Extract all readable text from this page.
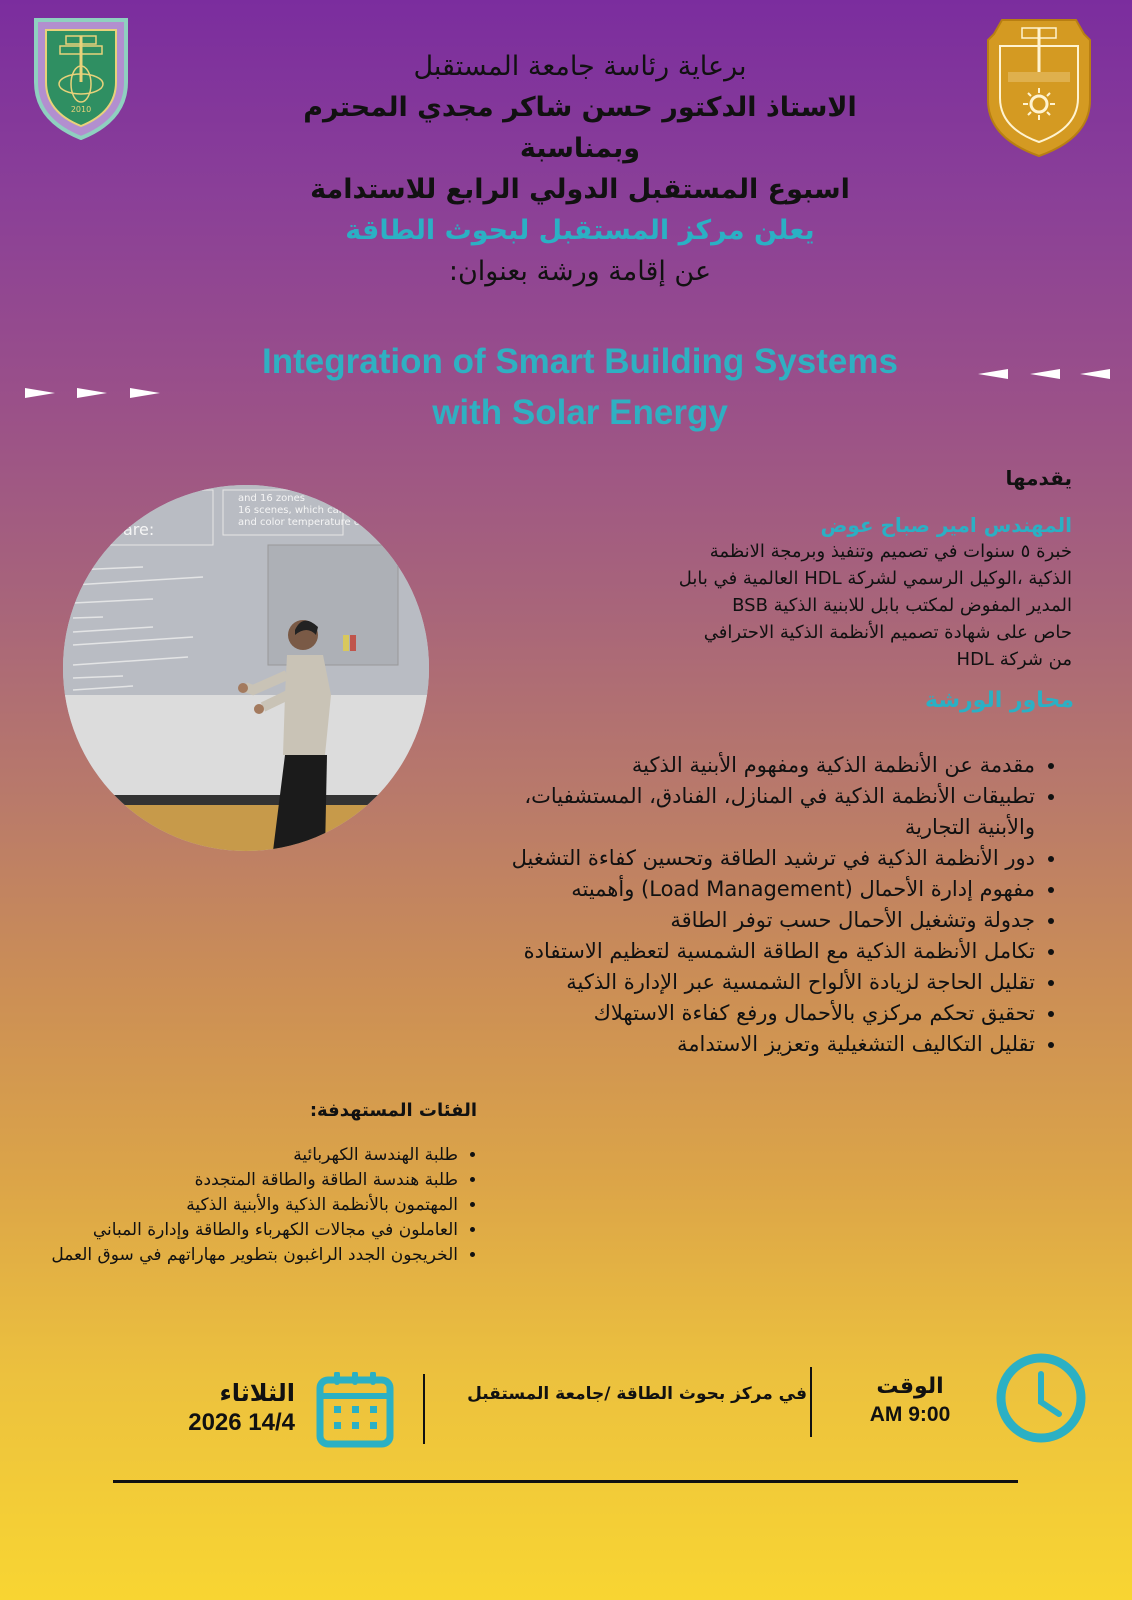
2010
برعاية رئاسة جامعة المستقبل
الاستاذ الدكتور حسن شاكر مجدي المحترم
وبمناسبة
اسبوع المستقبل الدولي الرابع للاستدامة
يعلن مركز المستقبل لبحوث الطاقة
عن إقامة ورشة بعنوان:
Integration of Smart Building Systems
with Solar Energy
and 16 zones
16 scenes, which can
and color temperature of
are:
يقدمها
المهندس امير صباح عوض
خبرة ٥ سنوات في تصميم وتنفيذ وبرمجة الانظمة
الذكية ،الوكيل الرسمي لشركة HDL العالمية في بابل
المدير المفوض لمكتب بابل للابنية الذكية BSB
حاص على شهادة تصميم الأنظمة الذكية الاحترافي
من شركة HDL
محاور الورشة
• مقدمة عن الأنظمة الذكية ومفهوم الأبنية الذكية
• تطبيقات الأنظمة الذكية في المنازل، الفنادق، المستشفيات، والأبنية التجارية
• دور الأنظمة الذكية في ترشيد الطاقة وتحسين كفاءة التشغيل
• مفهوم إدارة الأحمال (Load Management) وأهميته
• جدولة وتشغيل الأحمال حسب توفر الطاقة
• تكامل الأنظمة الذكية مع الطاقة الشمسية لتعظيم الاستفادة
• تقليل الحاجة لزيادة الألواح الشمسية عبر الإدارة الذكية
• تحقيق تحكم مركزي بالأحمال ورفع كفاءة الاستهلاك
• تقليل التكاليف التشغيلية وتعزيز الاستدامة
الفئات المستهدفة:
• طلبة الهندسة الكهربائية
• طلبة هندسة الطاقة والطاقة المتجددة
• المهتمون بالأنظمة الذكية والأبنية الذكية
• العاملون في مجالات الكهرباء والطاقة وإدارة المباني
• الخريجون الجدد الراغبون بتطوير مهاراتهم في سوق العمل
الوقت
9:00 AM
في مركز بحوث الطاقة /جامعة المستقبل
الثلاثاء
2026 14/4
